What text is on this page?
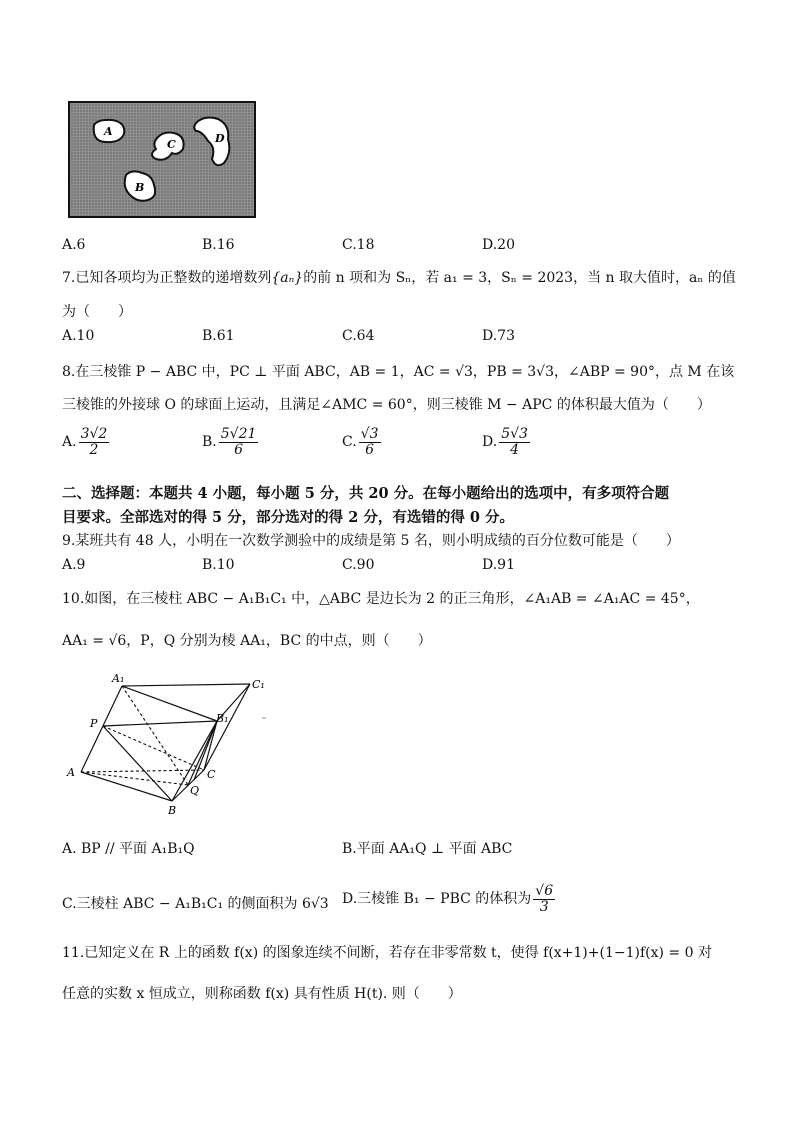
A
C	D
B
A.6	B.16	C.18	D.20
7.已知各项均为正整数的递增数列{aₙ}的前 n 项和为 Sₙ，若 a₁ = 3，Sₙ = 2023，当 n 取大值时，aₙ 的值
为（　　）
A.10	B.61	C.64	D.73
8.在三棱锥 P − ABC 中，PC ⊥ 平面 ABC，AB = 1，AC = √3，PB = 3√3，∠ABP = 90°，点 M 在该
三棱锥的外接球 O 的球面上运动，且满足∠AMC = 60°，则三棱锥 M − APC 的体积最大值为（　　）
A. $\frac{3√2}{2}$	B. $\frac{5√21}{6}$	C. $\frac{√3}{6}$	D. $\frac{5√3}{4}$
二、选择题：本题共 4 小题，每小题 5 分，共 20 分。在每小题给出的选项中，有多项符合题
目要求。全部选对的得 5 分，部分选对的得 2 分，有选错的得 0 分。
9.某班共有 48 人，小明在一次数学测验中的成绩是第 5 名，则小明成绩的百分位数可能是（　　）
A.9	B.10	C.90	D.91
10.如图，在三棱柱 ABC − A₁B₁C₁ 中，△ABC 是边长为 2 的正三角形，∠A₁AB = ∠A₁AC = 45°，
AA₁ = √6，P，Q 分别为棱 AA₁，BC 的中点，则（　　）
A₁	C₁
B₁
P
A	C
Q
B
A. BP // 平面 A₁B₁Q	B.平面 AA₁Q ⊥ 平面 ABC
C.三棱柱 ABC − A₁B₁C₁ 的侧面积为 6√3 D.三棱锥 B₁ − PBC 的体积为 $\frac{√6}{3}$
11.已知定义在 R 上的函数 f(x) 的图象连续不间断，若存在非零常数 t，使得 f(x+1)+(1−1)f(x) = 0 对
任意的实数 x 恒成立，则称函数 f(x) 具有性质 H(t). 则（　　）
